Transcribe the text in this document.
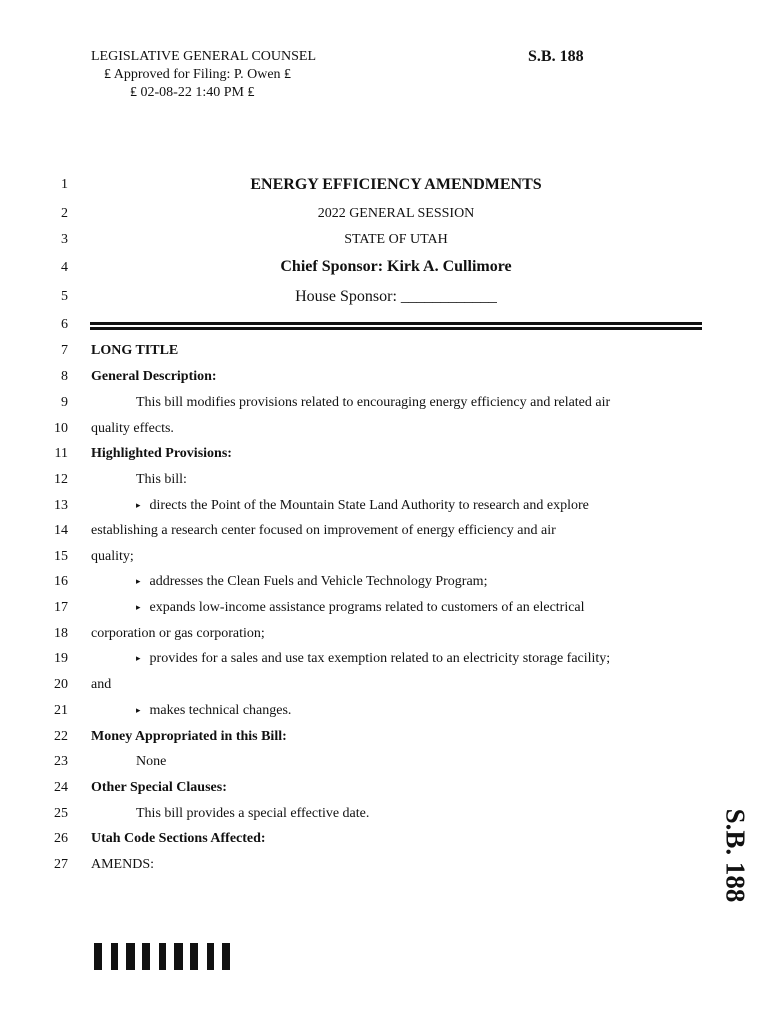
LEGISLATIVE GENERAL COUNSEL
₤ Approved for Filing: P. Owen ₤
₤ 02-08-22 1:40 PM ₤
S.B. 188
1
2
3
4
5
6
7
8
9
10
11
12
13
14
15
16
17
18
19
20
21
22
23
24
25
26
27
ENERGY EFFICIENCY AMENDMENTS
2022 GENERAL SESSION
STATE OF UTAH
Chief Sponsor: Kirk A. Cullimore
House Sponsor: ____________
LONG TITLE
General Description:
This bill modifies provisions related to encouraging energy efficiency and related air
quality effects.
Highlighted Provisions:
This bill:
▸ directs the Point of the Mountain State Land Authority to research and explore
establishing a research center focused on improvement of energy efficiency and air
quality;
▸ addresses the Clean Fuels and Vehicle Technology Program;
▸ expands low-income assistance programs related to customers of an electrical
corporation or gas corporation;
▸ provides for a sales and use tax exemption related to an electricity storage facility;
and
▸ makes technical changes.
Money Appropriated in this Bill:
None
Other Special Clauses:
This bill provides a special effective date.
Utah Code Sections Affected:
AMENDS:	S.B. 188
